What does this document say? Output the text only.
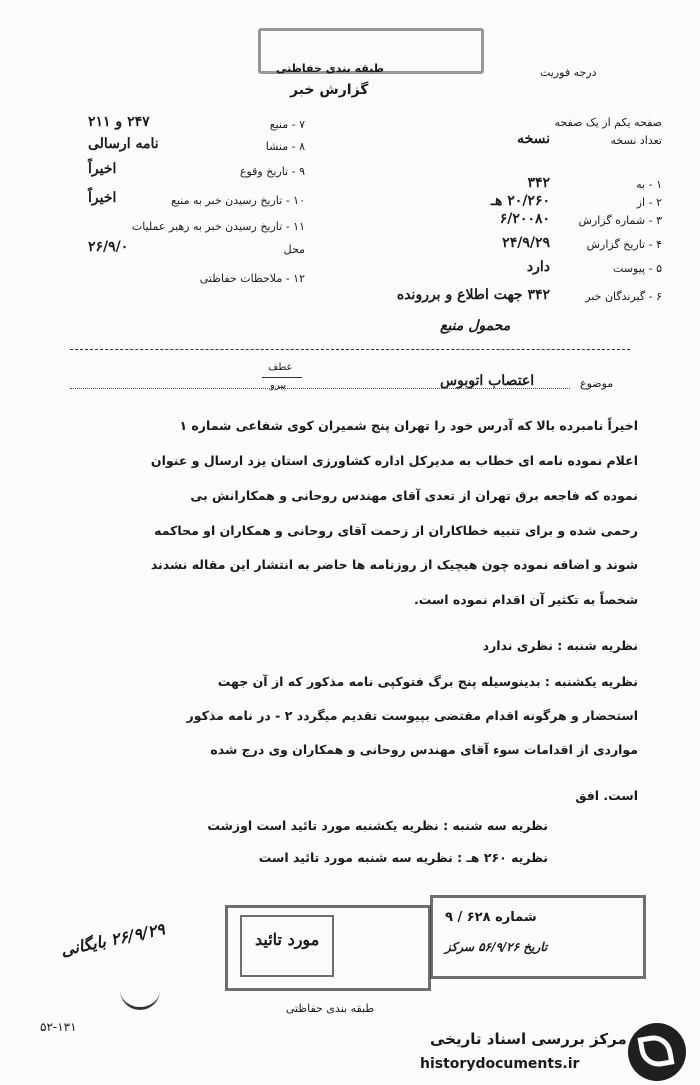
طبقه بندی حفاظتی	درجه فوریت
گزارش خبر
محمول منبع
عطف
پیرو	موضوع
اعتصاب اتوبوس
مورد تائید
شماره ۶۲۸ / ۹
تاریخ ۵۶/۹/۲۶ سرکز
۲۶/۹/۲۹ بایگانی
طبقه بندی حفاظتی
۵۲-۱۳۱
مرکز بررسی اسناد تاریخی
historydocuments.ir
صفحه یکم از یک صفحه
تعداد نسخه
نسخه
۱ - به
۳۴۲
۲ - از
۲۰/۲۶۰ هـ
۳ - شماره گزارش
۶/۲۰۰۸۰
۴ - تاریخ گزارش
۲۴/۹/۲۹
۵ - پیوست
دارد
۶ - گیرندگان خبر
۳۴۲ جهت اطلاع و بررونده
۷ - منبع
۲۴۷ و ۲۱۱
۸ - منشا
نامه ارسالی
۹ - تاریخ وقوع
اخیراً
۱۰ - تاریخ رسیدن خبر به منبع
اخیراً
۱۱ - تاریخ رسیدن خبر به رهبر عملیات
محل
۲۶/۹/۰
۱۲ - ملاحظات حفاظتی
اخیراً نامبرده بالا که آدرس خود را تهران پنج شمیران کوی شفاعی شماره ۱
اعلام نموده نامه ای خطاب به مدیرکل اداره کشاورزی استان یزد ارسال و عنوان
نموده که فاجعه برق تهران از تعدی آقای مهندس روحانی و همکارانش بی
رحمی شده و برای تنبیه خطاکاران از زحمت آقای روحانی و همکاران او محاکمه
شوند و اضافه نموده چون هیچیک از روزنامه ها حاضر به انتشار این مقاله نشدند
شخصاً به تکثیر آن اقدام نموده است.
نظریه شنبه : نظری ندارد
نظریه یکشنبه : بدینوسیله پنج برگ فتوکپی نامه مذکور که از آن جهت
استحضار و هرگونه اقدام مقتضی بپیوست تقدیم میگردد ۲ - در نامه مذکور
مواردی از اقدامات سوء آقای مهندس روحانی و همکاران وی درج شده
است. افق
نظریه سه شنبه : نظریه یکشنبه مورد تائید است اوزشت
نظریه ۲۶۰ هـ : نظریه سه شنبه مورد تائید است
